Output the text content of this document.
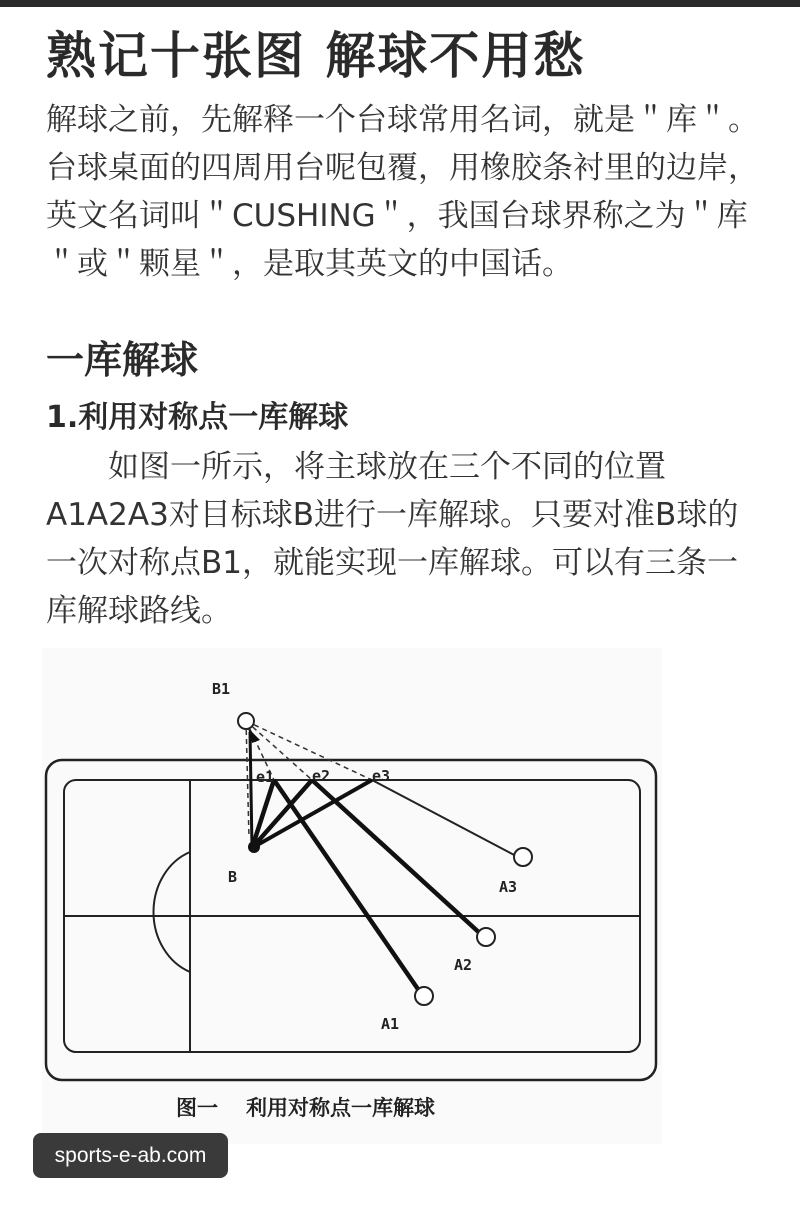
熟记十张图 解球不用愁

解球之前，先解释一个台球常用名词，就是＂库＂。台球桌面的四周用台呢包覆，用橡胶条衬里的边岸，英文名词叫＂CUSHING＂，我国台球界称之为＂库＂或＂颗星＂，是取其英文的中国话。

一库解球
1.利用对称点一库解球

如图一所示，将主球放在三个不同的位置A1A2A3对目标球B进行一库解球。只要对准B球的一次对称点B1，就能实现一库解球。可以有三条一库解球路线。

B1
B
e1	e2	e3
A3
A2
A1
图一 利用对称点一库解球
sports-e-ab.com
